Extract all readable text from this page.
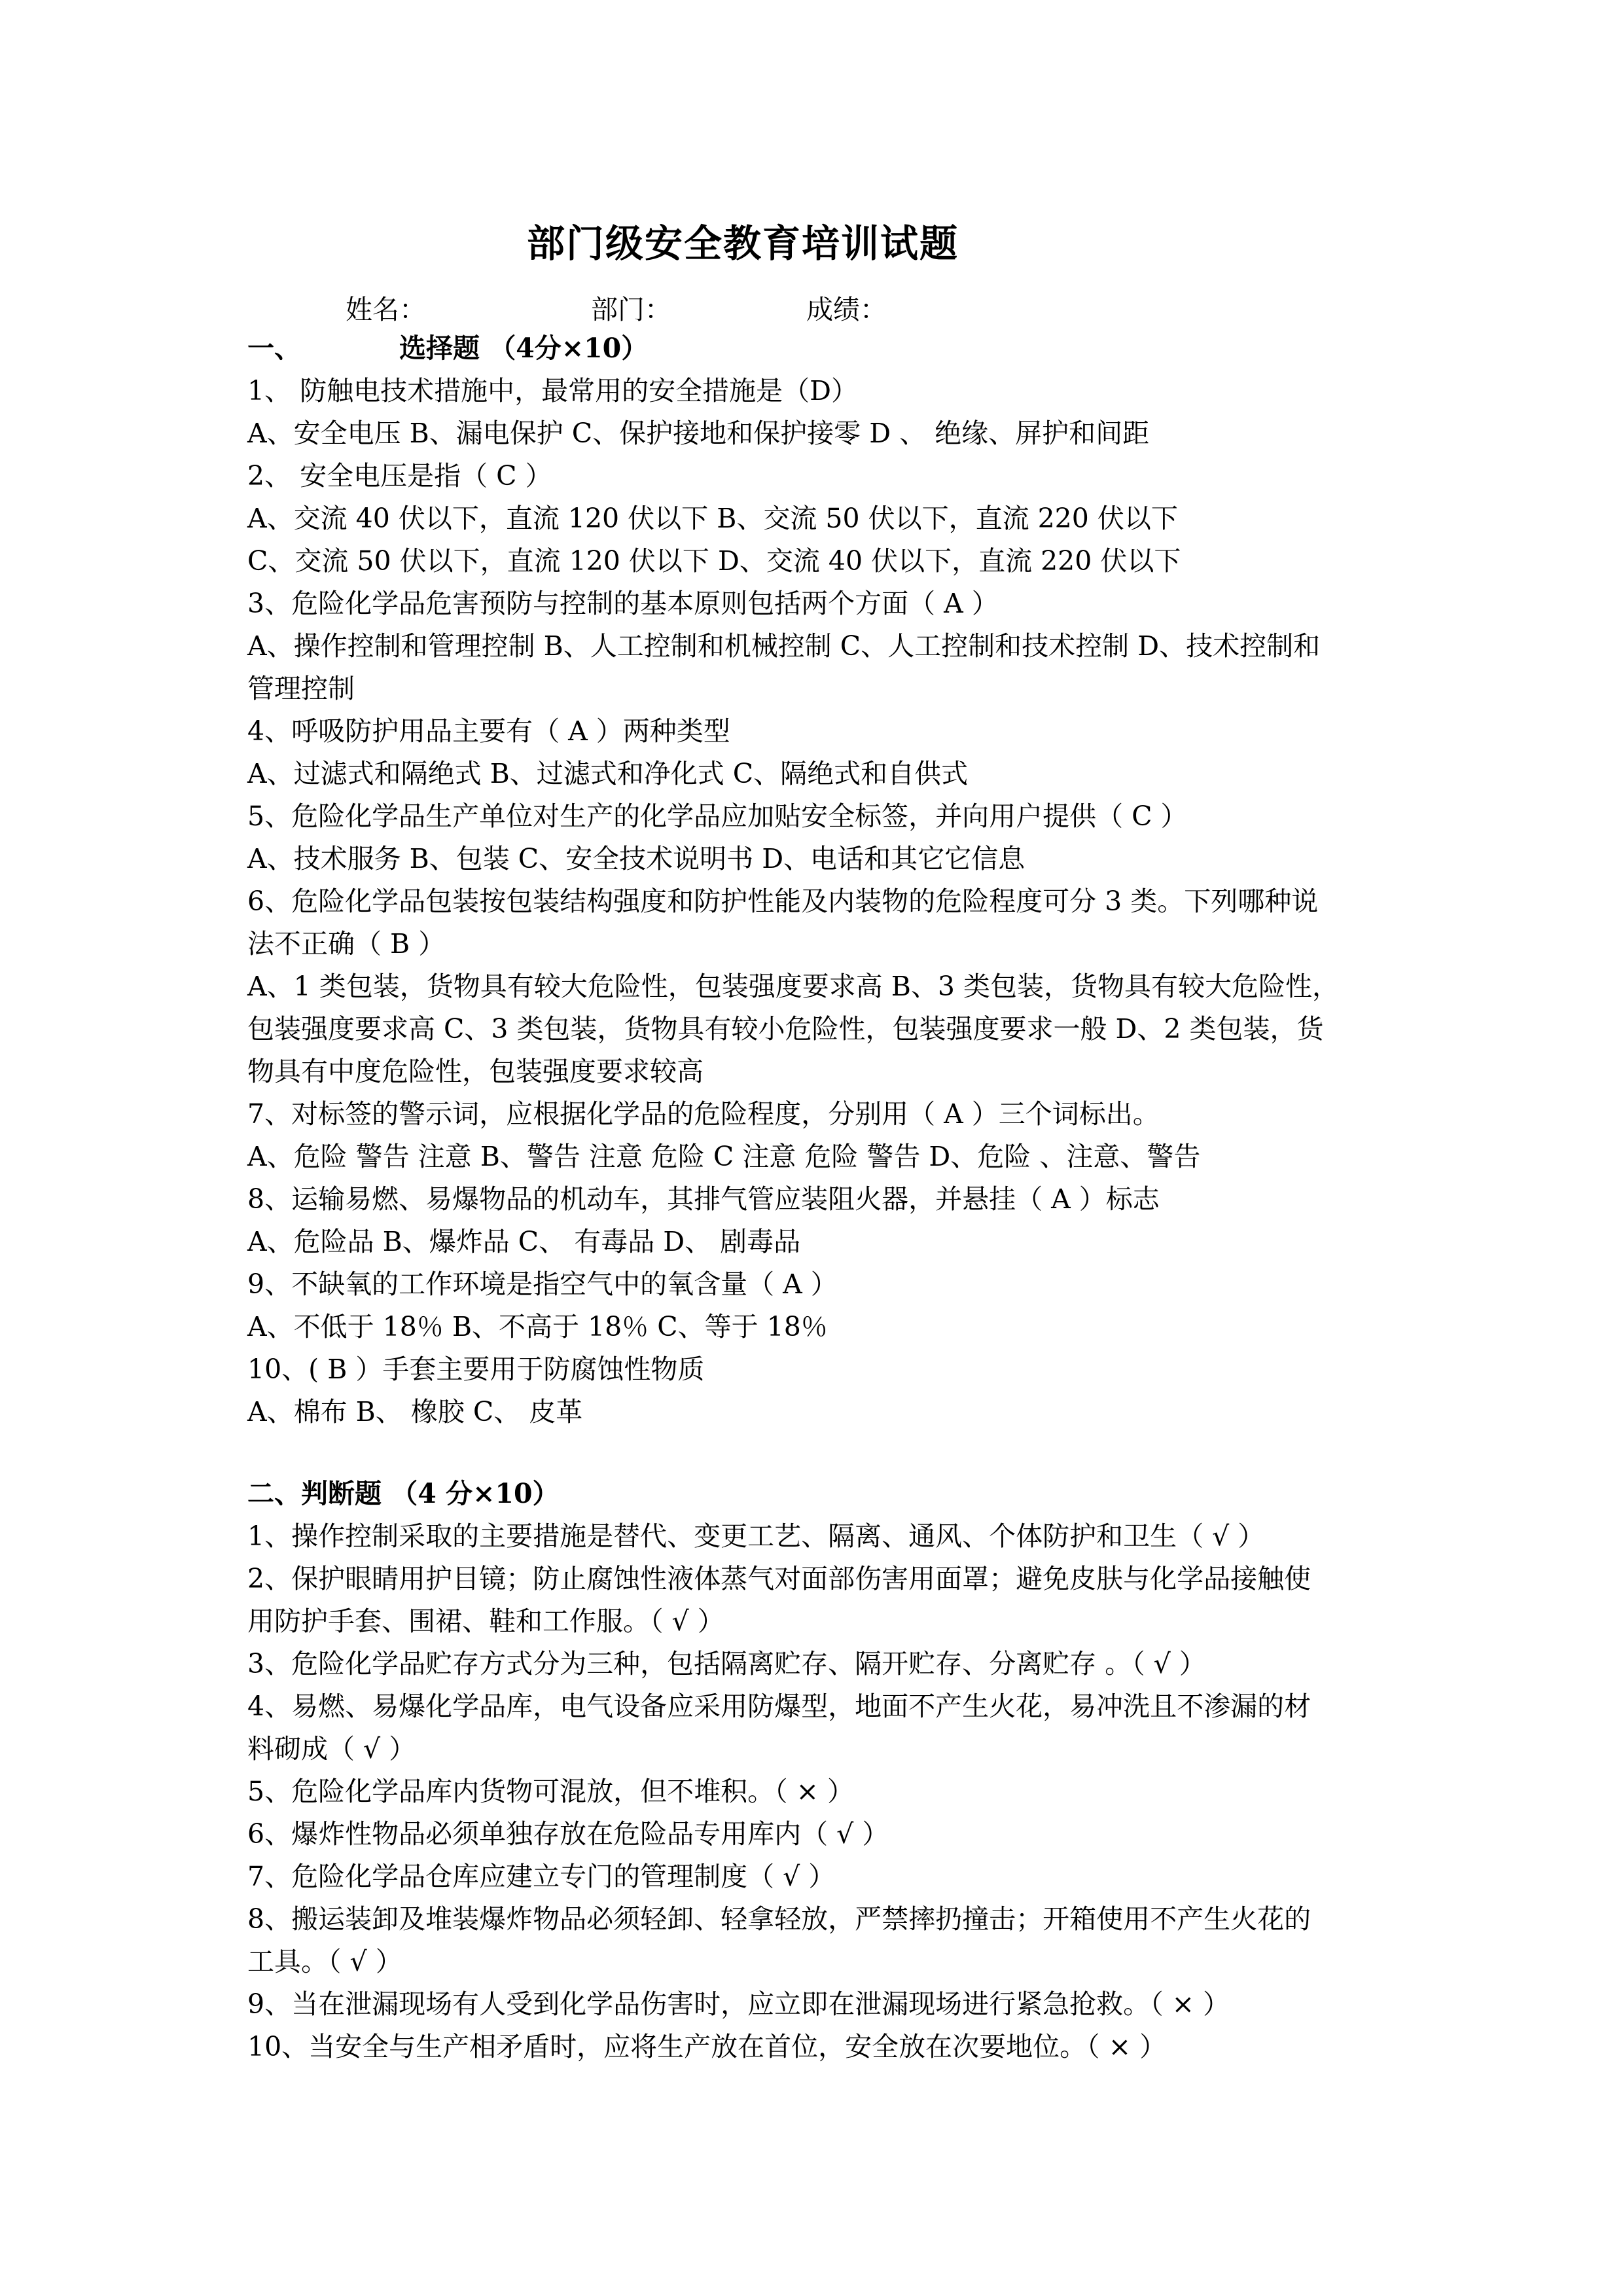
部门级安全教育培训试题
姓名：	部门：	成绩：
一、	选择题 （4分×10）
1、 防触电技术措施中，最常用的安全措施是（D）
A、安全电压 B、漏电保护 C、保护接地和保护接零 D 、 绝缘、屏护和间距
2、 安全电压是指（ C ）
A、交流 40 伏以下，直流 120 伏以下 B、交流 50 伏以下，直流 220 伏以下
C、交流 50 伏以下，直流 120 伏以下 D、交流 40 伏以下，直流 220 伏以下
3、危险化学品危害预防与控制的基本原则包括两个方面（ A ）
A、操作控制和管理控制 B、人工控制和机械控制 C、人工控制和技术控制 D、技术控制和
管理控制
4、呼吸防护用品主要有（ A ）两种类型
A、过滤式和隔绝式 B、过滤式和净化式 C、隔绝式和自供式
5、危险化学品生产单位对生产的化学品应加贴安全标签，并向用户提供（ C ）
A、技术服务 B、包装 C、安全技术说明书 D、电话和其它它信息
6、危险化学品包装按包装结构强度和防护性能及内装物的危险程度可分 3 类。下列哪种说
法不正确（ B ）
A、1 类包装，货物具有较大危险性，包装强度要求高 B、3 类包装，货物具有较大危险性，
包装强度要求高 C、3 类包装，货物具有较小危险性，包装强度要求一般 D、2 类包装，货
物具有中度危险性，包装强度要求较高
7、对标签的警示词，应根据化学品的危险程度，分别用（ A ）三个词标出。
A、危险 警告 注意 B、警告 注意 危险 C 注意 危险 警告 D、危险 、注意、警告
8、运输易燃、易爆物品的机动车，其排气管应装阻火器，并悬挂（ A ）标志
A、危险品 B、爆炸品 C、 有毒品 D、 剧毒品
9、不缺氧的工作环境是指空气中的氧含量（ A ）
A、不低于 18％ B、不高于 18％ C、等于 18％
10、( B ）手套主要用于防腐蚀性物质
A、棉布 B、 橡胶 C、 皮革
二、判断题 （4 分×10）
1、操作控制采取的主要措施是替代、变更工艺、隔离、通风、个体防护和卫生（ √ ）
2、保护眼睛用护目镜；防止腐蚀性液体蒸气对面部伤害用面罩；避免皮肤与化学品接触使
用防护手套、围裙、鞋和工作服。（ √ ）
3、危险化学品贮存方式分为三种，包括隔离贮存、隔开贮存、分离贮存 。（ √ ）
4、易燃、易爆化学品库，电气设备应采用防爆型，地面不产生火花，易冲洗且不渗漏的材
料砌成（ √ ）
5、危险化学品库内货物可混放，但不堆积。（ × ）
6、爆炸性物品必须单独存放在危险品专用库内（ √ ）
7、危险化学品仓库应建立专门的管理制度（ √ ）
8、搬运装卸及堆装爆炸物品必须轻卸、轻拿轻放，严禁摔扔撞击；开箱使用不产生火花的
工具。（ √ ）
9、当在泄漏现场有人受到化学品伤害时，应立即在泄漏现场进行紧急抢救。（ × ）
10、当安全与生产相矛盾时，应将生产放在首位，安全放在次要地位。（ × ）
